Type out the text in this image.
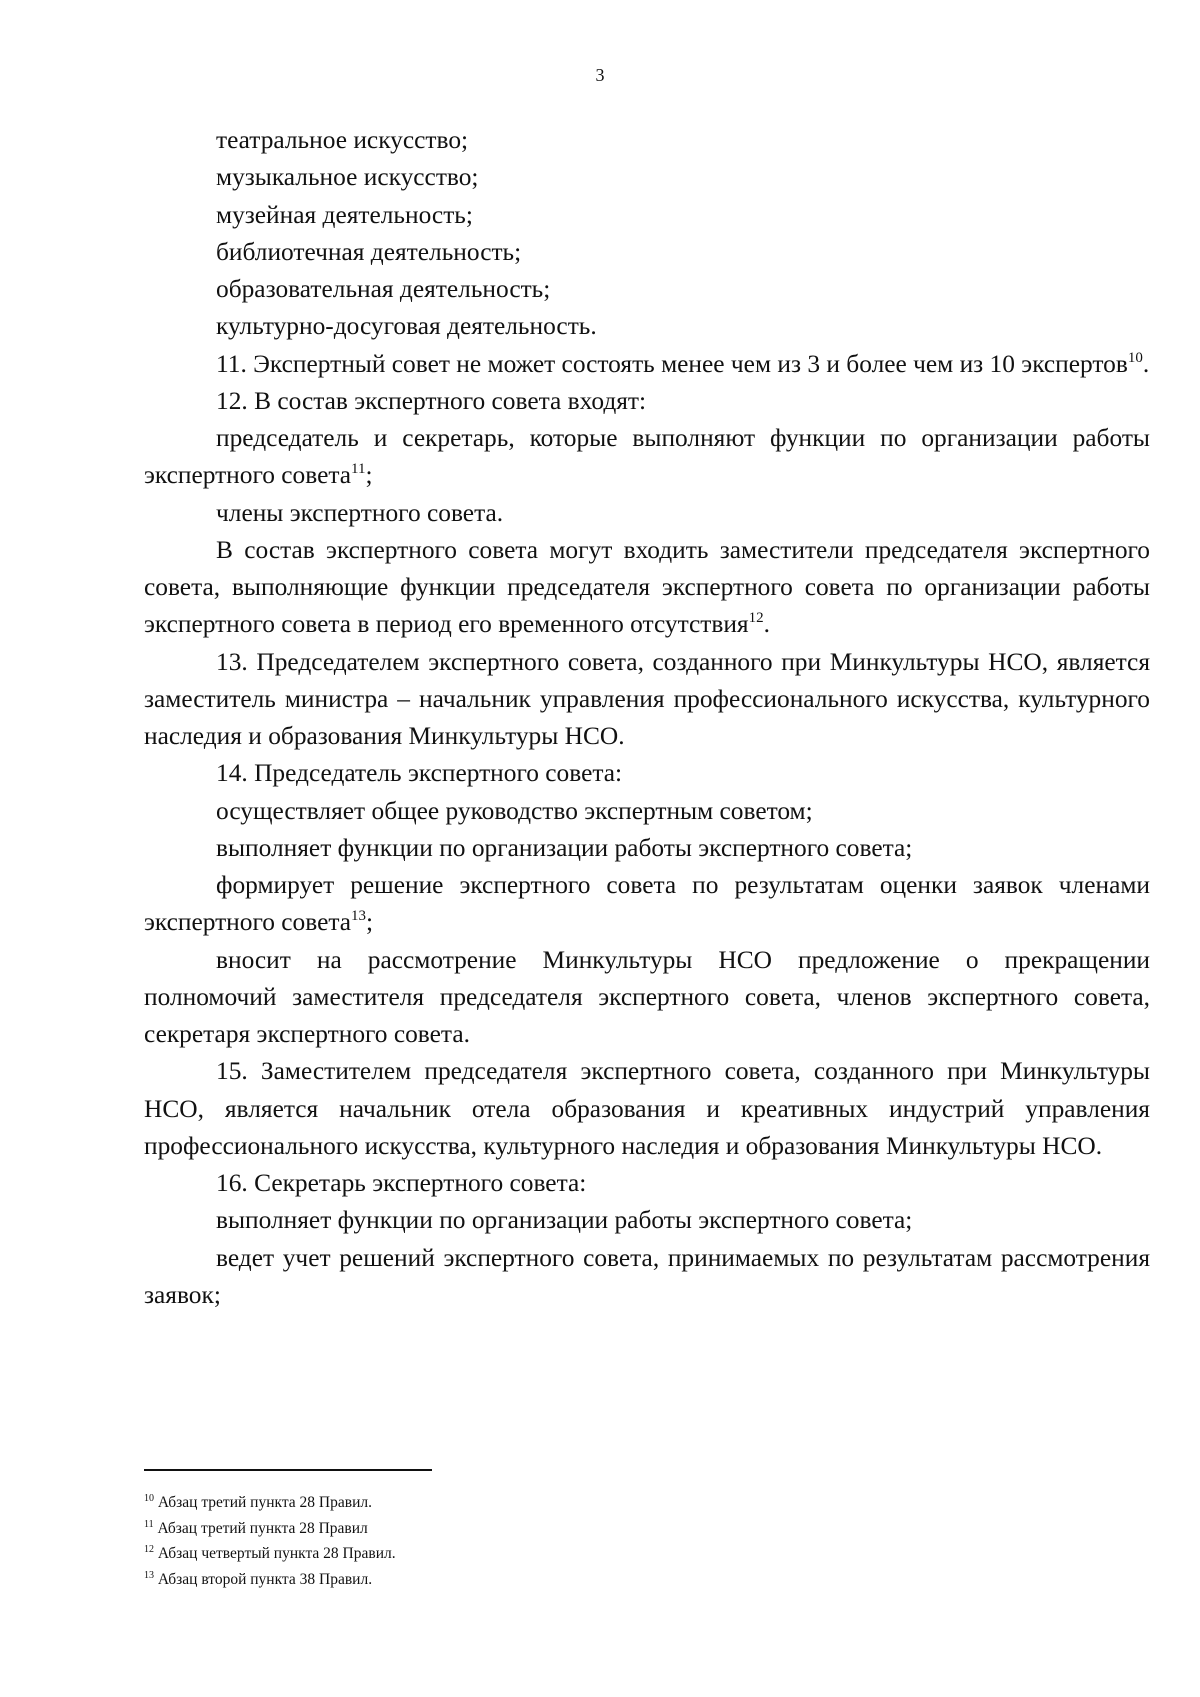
3

театральное искусство;

музыкальное искусство;

музейная деятельность;

библиотечная деятельность;

образовательная деятельность;

культурно-досуговая деятельность.

11. Экспертный совет не может состоять менее чем из 3 и более чем из 10 экспертов$^{10}$.

12. В состав экспертного совета входят:

председатель и секретарь, которые выполняют функции по организации работы экспертного совета$^{11}$;

члены экспертного совета.

В состав экспертного совета могут входить заместители председателя экспертного совета, выполняющие функции председателя экспертного совета по организации работы экспертного совета в период его временного отсутствия$^{12}$.

13. Председателем экспертного совета, созданного при Минкультуры НСО, является заместитель министра – начальник управления профессионального искусства, культурного наследия и образования Минкультуры НСО.

14. Председатель экспертного совета:

осуществляет общее руководство экспертным советом;

выполняет функции по организации работы экспертного совета;

формирует решение экспертного совета по результатам оценки заявок членами экспертного совета$^{13}$;

вносит на рассмотрение Минкультуры НСО предложение о прекращении полномочий заместителя председателя экспертного совета, членов экспертного совета, секретаря экспертного совета.

15. Заместителем председателя экспертного совета, созданного при Минкультуры НСО, является начальник отела образования и креативных индустрий управления профессионального искусства, культурного наследия и образования Минкультуры НСО.

16. Секретарь экспертного совета:

выполняет функции по организации работы экспертного совета;

ведет учет решений экспертного совета, принимаемых по результатам рассмотрения заявок;

$^{10}$ Абзац третий пункта 28 Правил.

$^{11}$ Абзац третий пункта 28 Правил

$^{12}$ Абзац четвертый пункта 28 Правил.

$^{13}$ Абзац второй пункта 38 Правил.
